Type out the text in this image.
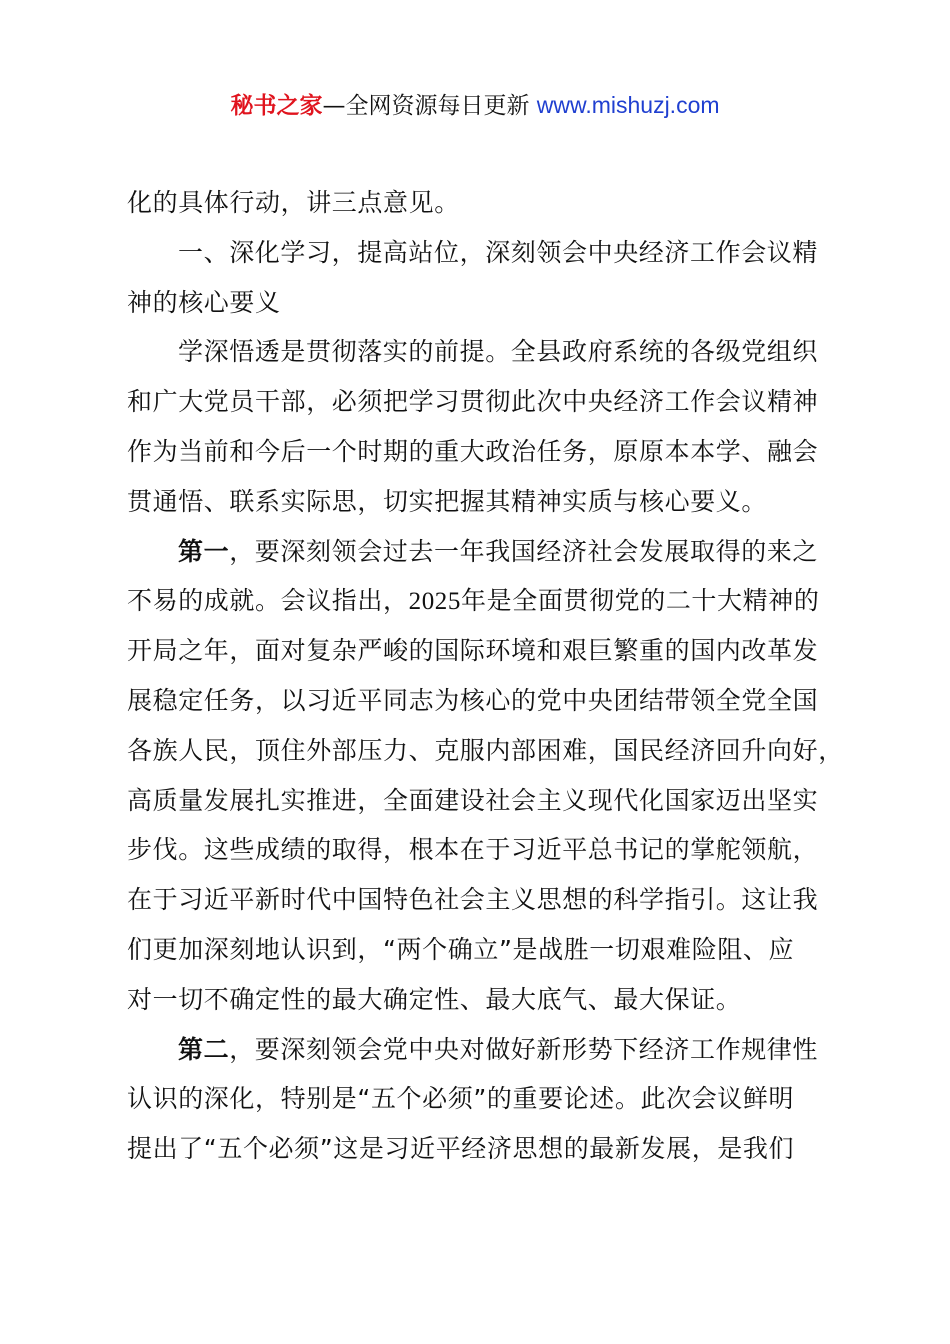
秘书之家—全网资源每日更新 www.mishuzj.com
化的具体行动，讲三点意见。
一、深化学习，提高站位，深刻领会中央经济工作会议精
神的核心要义
学深悟透是贯彻落实的前提。全县政府系统的各级党组织
和广大党员干部，必须把学习贯彻此次中央经济工作会议精神
作为当前和今后一个时期的重大政治任务，原原本本学、融会
贯通悟、联系实际思，切实把握其精神实质与核心要义。
第一，要深刻领会过去一年我国经济社会发展取得的来之
不易的成就。会议指出，2025年是全面贯彻党的二十大精神的
开局之年，面对复杂严峻的国际环境和艰巨繁重的国内改革发
展稳定任务，以习近平同志为核心的党中央团结带领全党全国
各族人民，顶住外部压力、克服内部困难，国民经济回升向好，
高质量发展扎实推进，全面建设社会主义现代化国家迈出坚实
步伐。这些成绩的取得，根本在于习近平总书记的掌舵领航，
在于习近平新时代中国特色社会主义思想的科学指引。这让我
们更加深刻地认识到，“两个确立”是战胜一切艰难险阻、应
对一切不确定性的最大确定性、最大底气、最大保证。
第二，要深刻领会党中央对做好新形势下经济工作规律性
认识的深化，特别是“五个必须”的重要论述。此次会议鲜明
提出了“五个必须”这是习近平经济思想的最新发展，是我们
